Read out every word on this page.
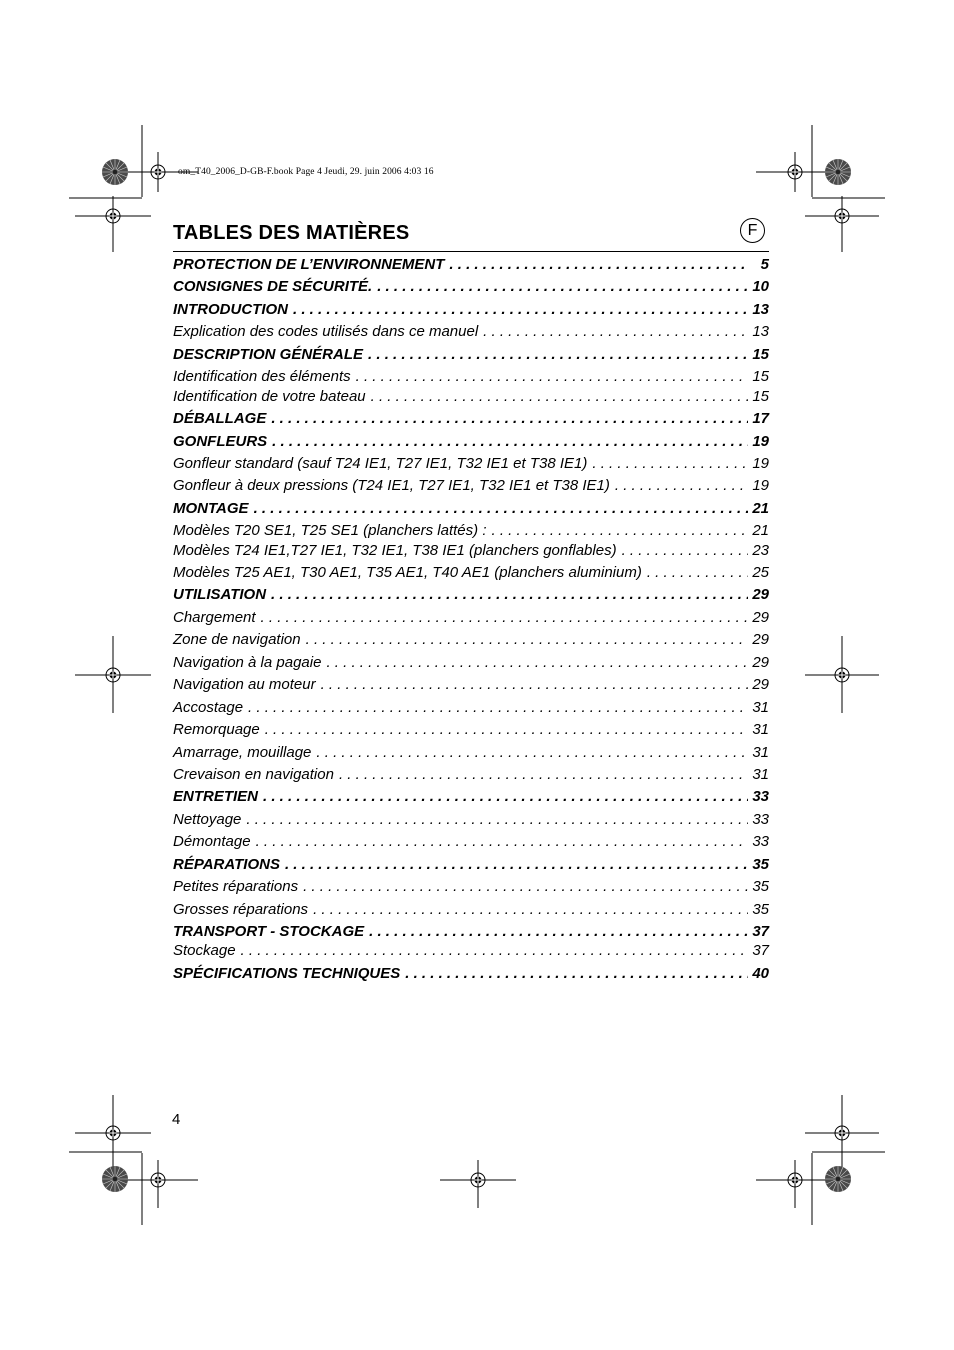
om_T40_2006_D-GB-F.book Page 4 Jeudi, 29. juin 2006 4:03 16
TABLES DES MATIÈRES	F
PROTECTION DE L’ENVIRONNEMENT . . .	5
CONSIGNES DE SÉCURITÉ. . . .	10
INTRODUCTION . . .	13
Explication des codes utilisés dans ce manuel . . .	13
DESCRIPTION GÉNÉRALE . . .	15
Identification des éléments . . .	15
Identification de votre bateau . . .	15
DÉBALLAGE . . .	17
GONFLEURS . . .	19
Gonfleur standard (sauf T24 IE1, T27 IE1, T32 IE1 et T38 IE1) . . .	19
Gonfleur à deux pressions (T24 IE1, T27 IE1, T32 IE1 et T38 IE1) . . .	19
MONTAGE . . .	21
Modèles T20 SE1, T25 SE1 (planchers lattés) : . . .	21
Modèles T24 IE1,T27 IE1, T32 IE1, T38 IE1 (planchers gonflables) . . .	23
Modèles T25 AE1, T30 AE1, T35 AE1, T40 AE1 (planchers aluminium) . . .	25
UTILISATION . . .	29
Chargement . . .	29
Zone de navigation . . .	29
Navigation à la pagaie . . .	29
Navigation au moteur . . .	29
Accostage . . .	31
Remorquage . . .	31
Amarrage, mouillage . . .	31
Crevaison en navigation . . .	31
ENTRETIEN . . .	33
Nettoyage . . .	33
Démontage . . .	33
RÉPARATIONS . . .	35
Petites réparations . . .	35
Grosses réparations . . .	35
TRANSPORT - STOCKAGE . . .	37
Stockage . . .	37
SPÉCIFICATIONS TECHNIQUES . . .	40
4
